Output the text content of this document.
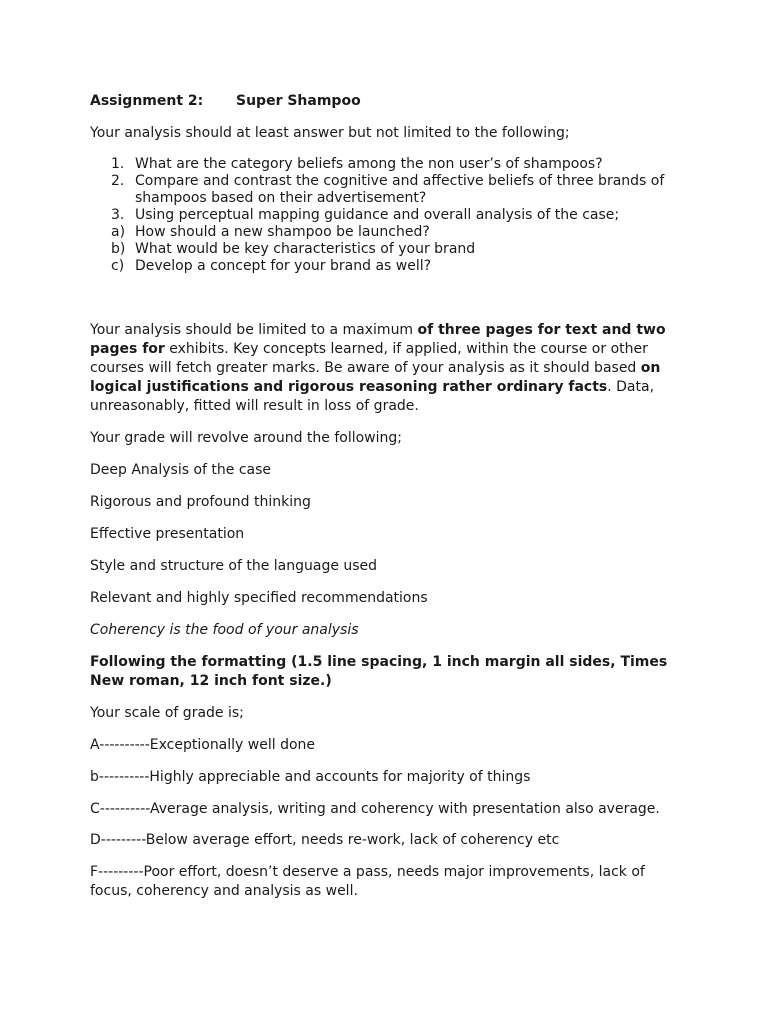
Assignment 2: Super Shampoo

Your analysis should at least answer but not limited to the following;

1. What are the category beliefs among the non user’s of shampoos?
2. Compare and contrast the cognitive and affective beliefs of three brands of shampoos based on their advertisement?
3. Using perceptual mapping guidance and overall analysis of the case;
a) How should a new shampoo be launched?
b) What would be key characteristics of your brand
c) Develop a concept for your brand as well?

Your analysis should be limited to a maximum of three pages for text and two pages for exhibits. Key concepts learned, if applied, within the course or other courses will fetch greater marks. Be aware of your analysis as it should based on logical justifications and rigorous reasoning rather ordinary facts. Data, unreasonably, fitted will result in loss of grade.

Your grade will revolve around the following;

Deep Analysis of the case

Rigorous and profound thinking

Effective presentation

Style and structure of the language used

Relevant and highly specified recommendations

Coherency is the food of your analysis

Following the formatting (1.5 line spacing, 1 inch margin all sides, Times New roman, 12 inch font size.)

Your scale of grade is;

A----------Exceptionally well done

b----------Highly appreciable and accounts for majority of things

C----------Average analysis, writing and coherency with presentation also average.

D---------Below average effort, needs re-work, lack of coherency etc

F---------Poor effort, doesn’t deserve a pass, needs major improvements, lack of focus, coherency and analysis as well.
